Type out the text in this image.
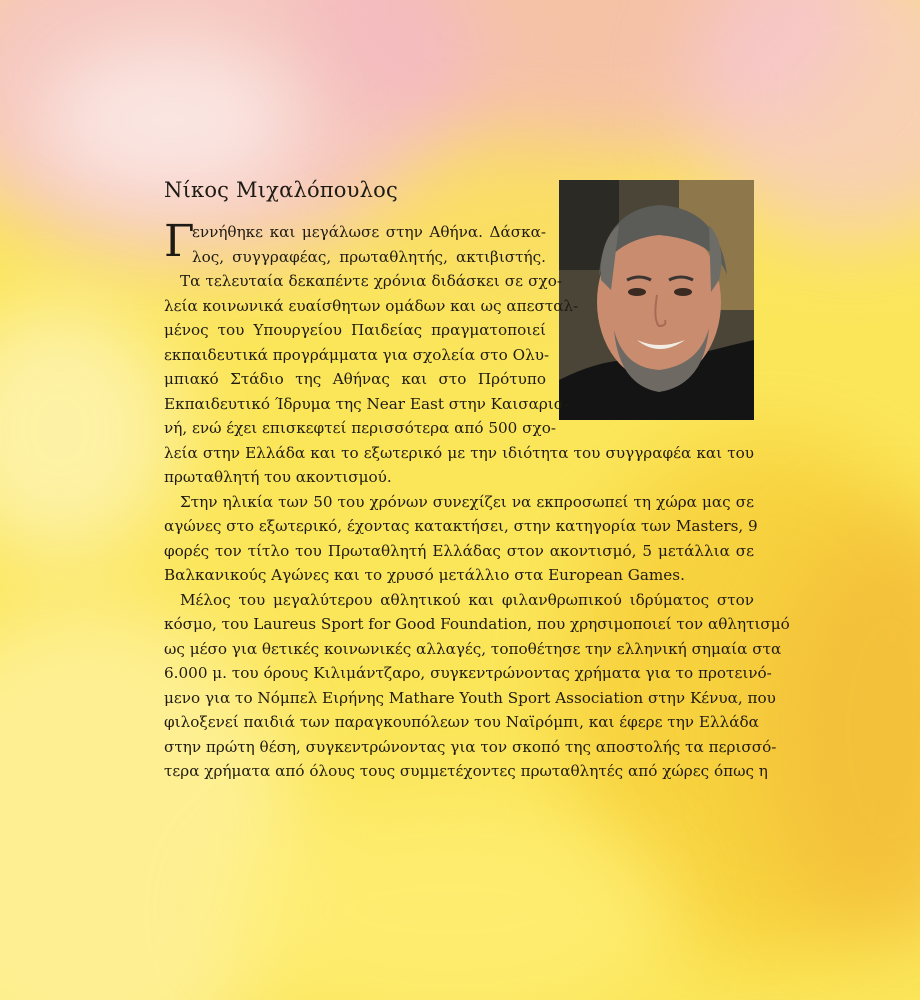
Νίκος Μιχαλόπουλος
Γ
εννήθηκε και μεγάλωσε στην Αθήνα. Δάσκα-
λος, συγγραφέας, πρωταθλητής, ακτιβιστής.
Τα τελευταία δεκαπέντε χρόνια διδάσκει σε σχο-
λεία κοινωνικά ευαίσθητων ομάδων και ως απεσταλ-
μένος του Υπουργείου Παιδείας πραγματοποιεί
εκπαιδευτικά προγράμματα για σχολεία στο Ολυ-
μπιακό Στάδιο της Αθήνας και στο Πρότυπο
Εκπαιδευτικό Ίδρυμα της Near East στην Καισαρια-
νή, ενώ έχει επισκεφτεί περισσότερα από 500 σχο-
λεία στην Ελλάδα και το εξωτερικό με την ιδιότητα του συγγραφέα και του
πρωταθλητή του ακοντισμού.
Στην ηλικία των 50 του χρόνων συνεχίζει να εκπροσωπεί τη χώρα μας σε
αγώνες στο εξωτερικό, έχοντας κατακτήσει, στην κατηγορία των Masters, 9
φορές τον τίτλο του Πρωταθλητή Ελλάδας στον ακοντισμό, 5 μετάλλια σε
Βαλκανικούς Αγώνες και το χρυσό μετάλλιο στα European Games.
Μέλος του μεγαλύτερου αθλητικού και φιλανθρωπικού ιδρύματος στον
κόσμο, του Laureus Sport for Good Foundation, που χρησιμοποιεί τον αθλητισμό
ως μέσο για θετικές κοινωνικές αλλαγές, τοποθέτησε την ελληνική σημαία στα
6.000 μ. του όρους Κιλιμάντζαρο, συγκεντρώνοντας χρήματα για το προτεινό-
μενο για το Νόμπελ Ειρήνης Mathare Youth Sport Association στην Κένυα, που
φιλοξενεί παιδιά των παραγκουπόλεων του Ναϊρόμπι, και έφερε την Ελλάδα
στην πρώτη θέση, συγκεντρώνοντας για τον σκοπό της αποστολής τα περισσό-
τερα χρήματα από όλους τους συμμετέχοντες πρωταθλητές από χώρες όπως η
